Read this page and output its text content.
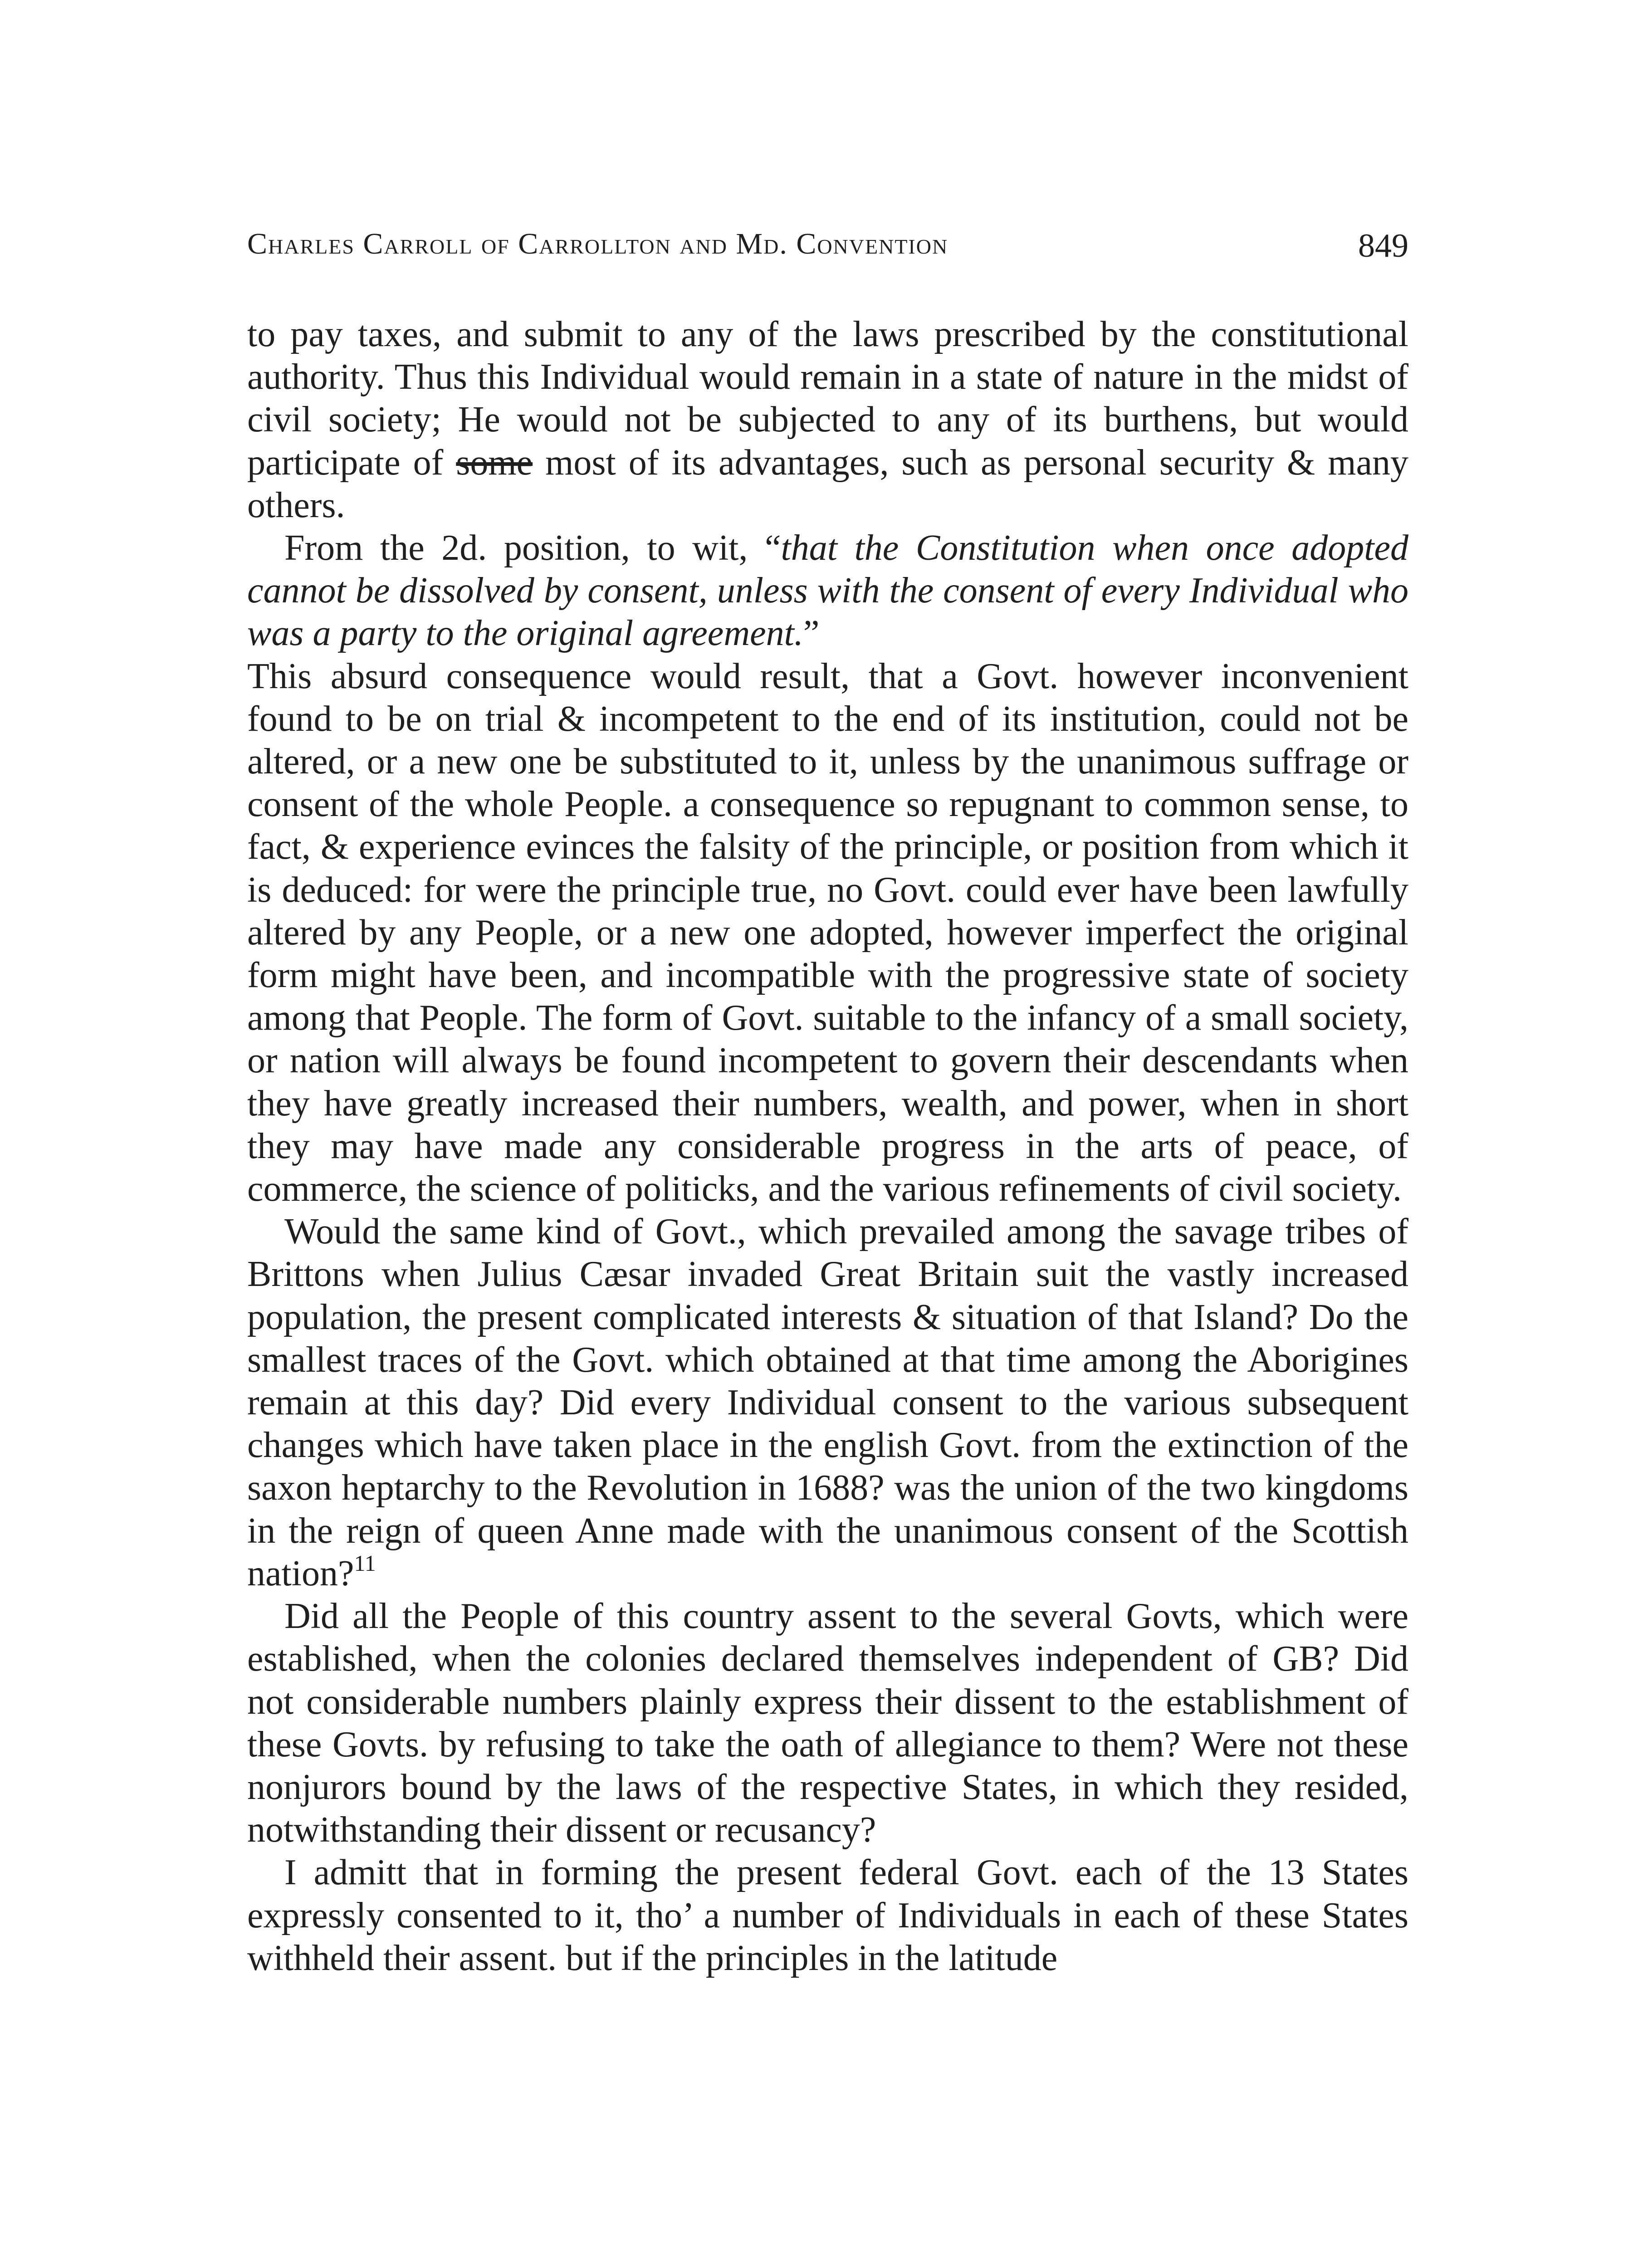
Charles Carroll of Carrollton and Md. Convention	849

to pay taxes, and submit to any of the laws prescribed by the constitutional authority. Thus this Individual would remain in a state of nature in the midst of civil society; He would not be subjected to any of its burthens, but would participate of some most of its advantages, such as personal security & many others.

From the 2d. position, to wit, “that the Constitution when once adopted cannot be dissolved by consent, unless with the consent of every Individual who was a party to the original agreement.”

This absurd consequence would result, that a Govt. however inconvenient found to be on trial & incompetent to the end of its institution, could not be altered, or a new one be substituted to it, unless by the unanimous suffrage or consent of the whole People. a consequence so repugnant to common sense, to fact, & experience evinces the falsity of the principle, or position from which it is deduced: for were the principle true, no Govt. could ever have been lawfully altered by any People, or a new one adopted, however imperfect the original form might have been, and incompatible with the progressive state of society among that People. The form of Govt. suitable to the infancy of a small society, or nation will always be found incompetent to govern their descendants when they have greatly increased their numbers, wealth, and power, when in short they may have made any considerable progress in the arts of peace, of commerce, the science of politicks, and the various refinements of civil society.

Would the same kind of Govt., which prevailed among the savage tribes of Brittons when Julius Cæsar invaded Great Britain suit the vastly increased population, the present complicated interests & situation of that Island? Do the smallest traces of the Govt. which obtained at that time among the Aborigines remain at this day? Did every Individual consent to the various subsequent changes which have taken place in the english Govt. from the extinction of the saxon heptarchy to the Revolution in 1688? was the union of the two kingdoms in the reign of queen Anne made with the unanimous consent of the Scottish nation?$^{11}$

Did all the People of this country assent to the several Govts, which were established, when the colonies declared themselves independent of GB? Did not considerable numbers plainly express their dissent to the establishment of these Govts. by refusing to take the oath of allegiance to them? Were not these nonjurors bound by the laws of the respective States, in which they resided, notwithstanding their dissent or recusancy?

I admitt that in forming the present federal Govt. each of the 13 States expressly consented to it, tho’ a number of Individuals in each of these States withheld their assent. but if the principles in the latitude
